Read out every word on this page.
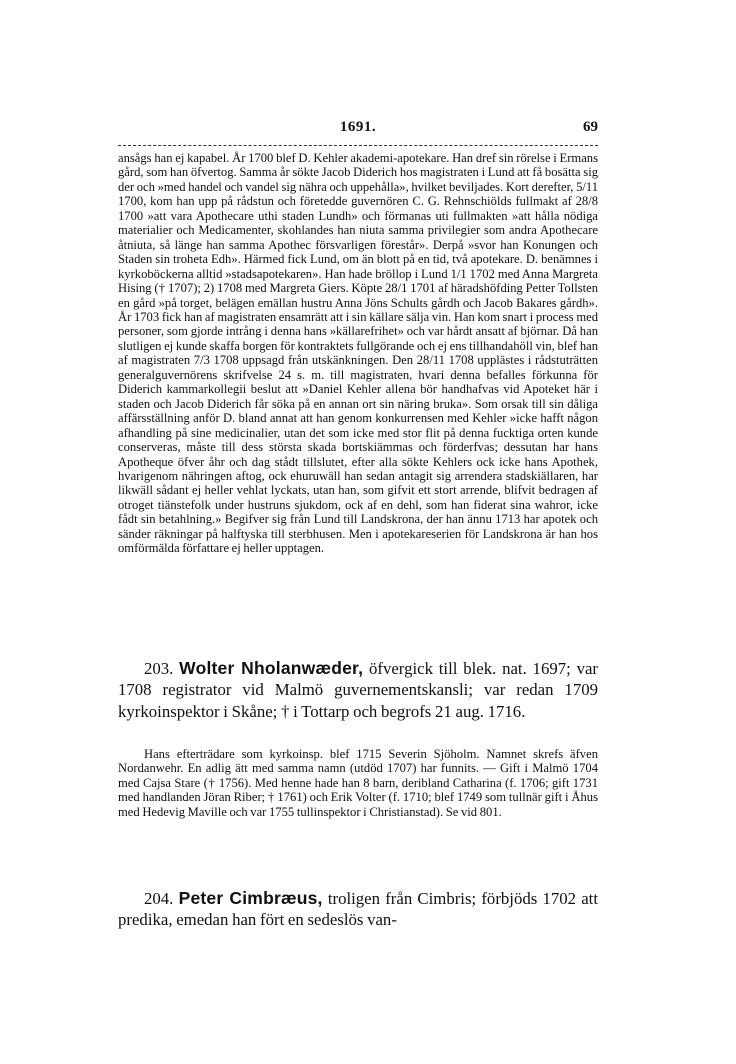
1691.	69
ansågs han ej kapabel. År 1700 blef D. Kehler akademi-apotekare. Han dref sin rörelse i Ermans gård, som han öfvertog. Samma år sökte Jacob Diderich hos magistraten i Lund att få bosätta sig der och »med handel och vandel sig nähra och uppehålla», hvilket beviljades. Kort derefter, 5/11 1700, kom han upp på rådstun och företedde guvernören C. G. Rehnschiölds fullmakt af 28/8 1700 »att vara Apothecare uthi staden Lundh» och förmanas uti fullmakten »att hålla nödiga materialier och Medicamenter, skohlandes han niuta samma privilegier som andra Apothecare åtniuta, så länge han samma Apothec försvarligen förestår». Derpå »svor han Konungen och Staden sin troheta Edh». Härmed fick Lund, om än blott på en tid, två apotekare. D. benämnes i kyrkoböckerna alltid »stadsapotekaren». Han hade bröllop i Lund 1/1 1702 med Anna Margreta Hising († 1707); 2) 1708 med Margreta Giers. Köpte 28/1 1701 af häradshöfding Petter Tollsten en gård »på torget, belägen emällan hustru Anna Jöns Schults gårdh och Jacob Bakares gårdh». År 1703 fick han af magistraten ensamrätt att i sin källare sälja vin. Han kom snart i process med personer, som gjorde intrång i denna hans »källarefrihet» och var hårdt ansatt af björnar. Då han slutligen ej kunde skaffa borgen för kontraktets fullgörande och ej ens tillhandahöll vin, blef han af magistraten 7/3 1708 uppsagd från utskänkningen. Den 28/11 1708 upplästes i rådstuträtten generalguvernörens skrifvelse 24 s. m. till magistraten, hvari denna befalles förkunna för Diderich kammarkollegii beslut att »Daniel Kehler allena bör handhafvas vid Apoteket här i staden och Jacob Diderich får söka på en annan ort sin näring bruka». Som orsak till sin dåliga affärsställning anför D. bland annat att han genom konkurrensen med Kehler »icke hafft någon afhandling på sine medicinalier, utan det som icke med stor flit på denna fucktiga orten kunde conserveras, måste till dess största skada bortskiämmas och förderfvas; dessutan har hans Apotheque öfver åhr och dag stådt tillslutet, efter alla sökte Kehlers ock icke hans Apothek, hvarigenom nähringen aftog, ock ehuruwäll han sedan antagit sig arrendera stadskiällaren, har likwäll sådant ej heller vehlat lyckats, utan han, som gifvit ett stort arrende, blifvit bedragen af otroget tiänstefolk under hustruns sjukdom, ock af en dehl, som han fiderat sina wahror, icke fådt sin betahlning.» Begifver sig från Lund till Landskrona, der han ännu 1713 har apotek och sänder räkningar på halftyska till sterbhusen. Men i apotekareserien för Landskrona är han hos omförmälda författare ej heller upptagen.
203. Wolter Nholanwæder, öfvergick till blek. nat. 1697; var 1708 registrator vid Malmö guvernementskansli; var redan 1709 kyrkoinspektor i Skåne; † i Tottarp och begrofs 21 aug. 1716.
Hans efterträdare som kyrkoinsp. blef 1715 Severin Sjöholm. Namnet skrefs äfven Nordanwehr. En adlig ätt med samma namn (utdöd 1707) har funnits. — Gift i Malmö 1704 med Cajsa Stare († 1756). Med henne hade han 8 barn, deribland Catharina (f. 1706; gift 1731 med handlanden Jöran Riber; † 1761) och Erik Volter (f. 1710; blef 1749 som tullnär gift i Åhus med Hedevig Maville och var 1755 tullinspektor i Christianstad). Se vid 801.
204. Peter Cimbræus, troligen från Cimbris; förbjöds 1702 att predika, emedan han fört en sedeslös van-
